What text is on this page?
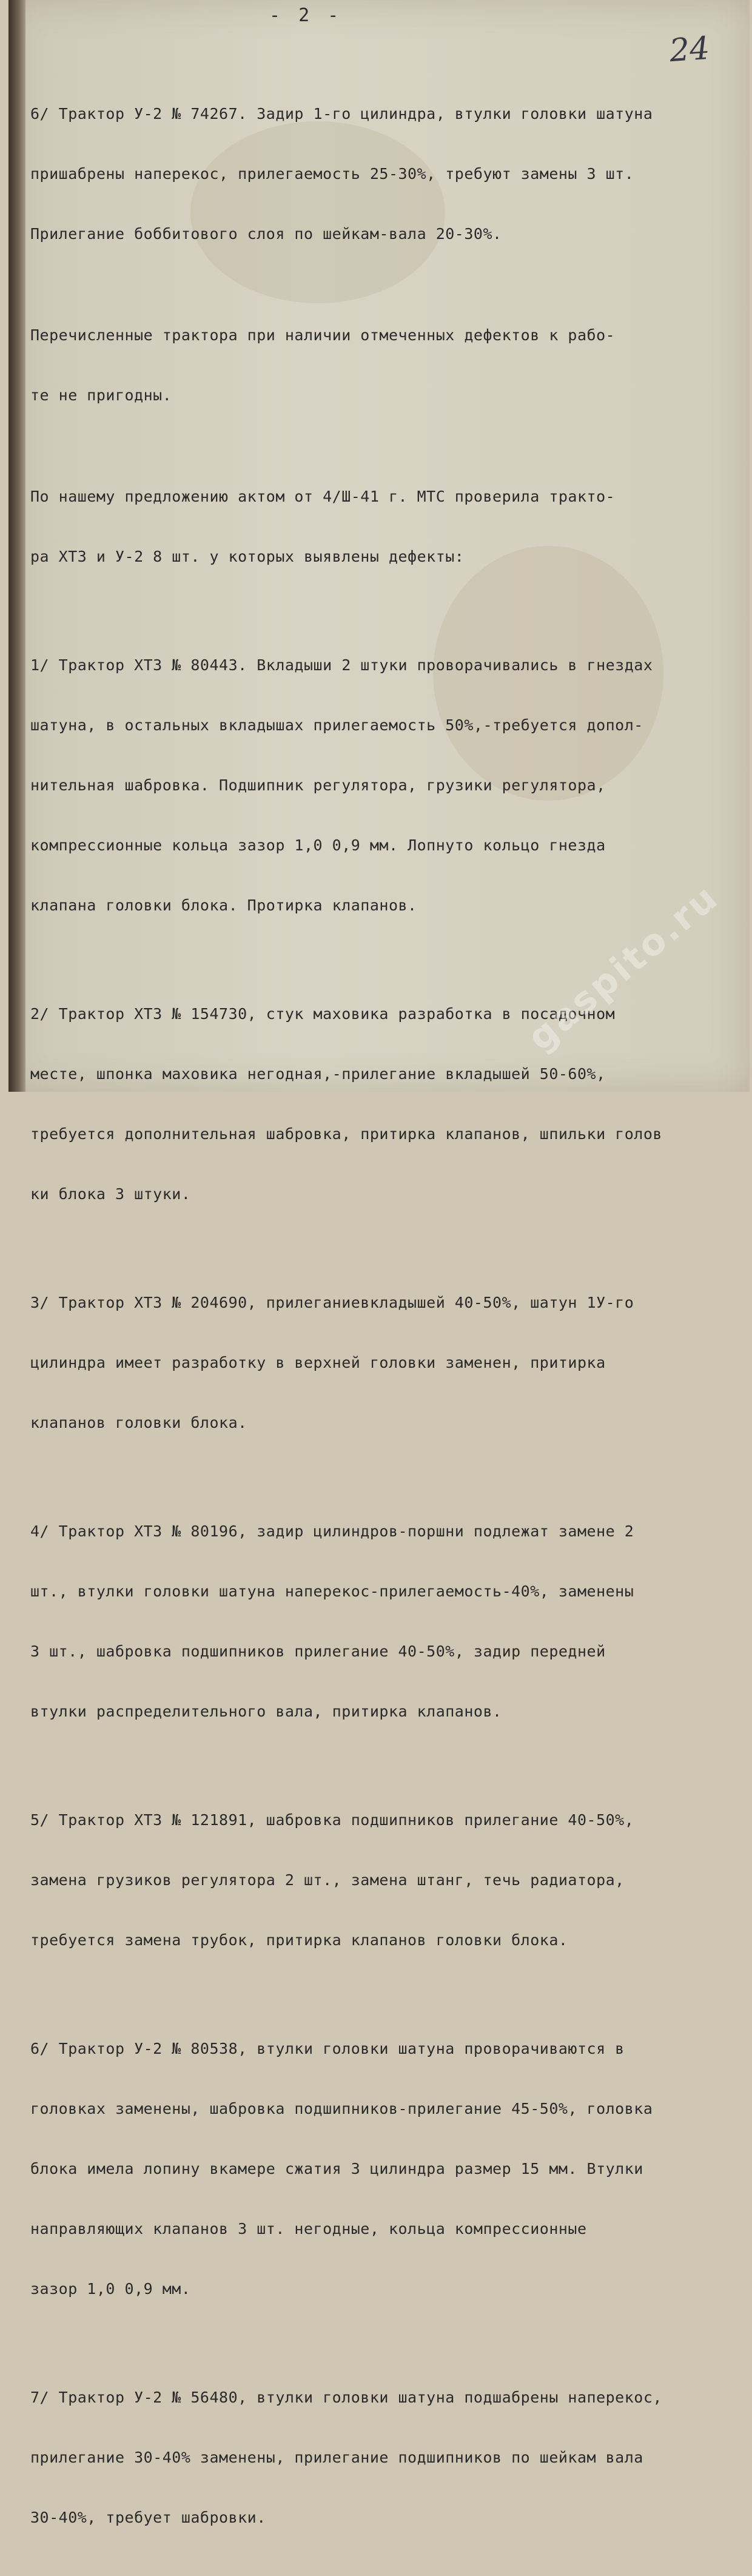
- 2 -
24

6/ Трактор У-2 № 74267. Задир 1-го цилиндра, втулки головки шатуна

пришабрены наперекос, прилегаемость 25-30%, требуют замены 3 шт.

Прилегание боббитового слоя по шейкам-вала 20-30%.

Перечисленные трактора при наличии отмеченных дефектов к рабо-

те не пригодны.

По нашему предложению актом от 4/Ш-41 г. МТС проверила тракто-

ра ХТЗ и У-2 8 шт. у которых выявлены дефекты:

1/ Трактор ХТЗ № 80443. Вкладыши 2 штуки проворачивались в гнездах

шатуна, в остальных вкладышах прилегаемость 50%,-требуется допол-

нительная шабровка. Подшипник регулятора, грузики регулятора,

компрессионные кольца зазор 1,0 0,9 мм. Лопнуто кольцо гнезда

клапана головки блока. Протирка клапанов.

2/ Трактор ХТЗ № 154730, стук маховика разработка в посадочном

месте, шпонка маховика негодная,-прилегание вкладышей 50-60%,

требуется дополнительная шабровка, притирка клапанов, шпильки голов

ки блока 3 штуки.

3/ Трактор ХТЗ № 204690, прилеганиевкладышей 40-50%, шатун 1У-го

цилиндра имеет разработку в верхней головки заменен, притирка

клапанов головки блока.

4/ Трактор ХТЗ № 80196, задир цилиндров-поршни подлежат замене 2

шт., втулки головки шатуна наперекос-прилегаемость-40%, заменены

3 шт., шабровка подшипников прилегание 40-50%, задир передней

втулки распределительного вала, притирка клапанов.

5/ Трактор ХТЗ № 121891, шабровка подшипников прилегание 40-50%,

замена грузиков регулятора 2 шт., замена штанг, течь радиатора,

требуется замена трубок, притирка клапанов головки блока.

6/ Трактор У-2 № 80538, втулки головки шатуна проворачиваются в

головках заменены, шабровка подшипников-прилегание 45-50%, головка

блока имела лопину вкамере сжатия 3 цилиндра размер 15 мм. Втулки

направляющих клапанов 3 шт. негодные, кольца компрессионные

зазор 1,0 0,9 мм.

7/ Трактор У-2 № 56480, втулки головки шатуна подшабрены наперекос,

прилегание 30-40% заменены, прилегание подшипников по шейкам вала

30-40%, требует шабровки.

gaspito.ru
